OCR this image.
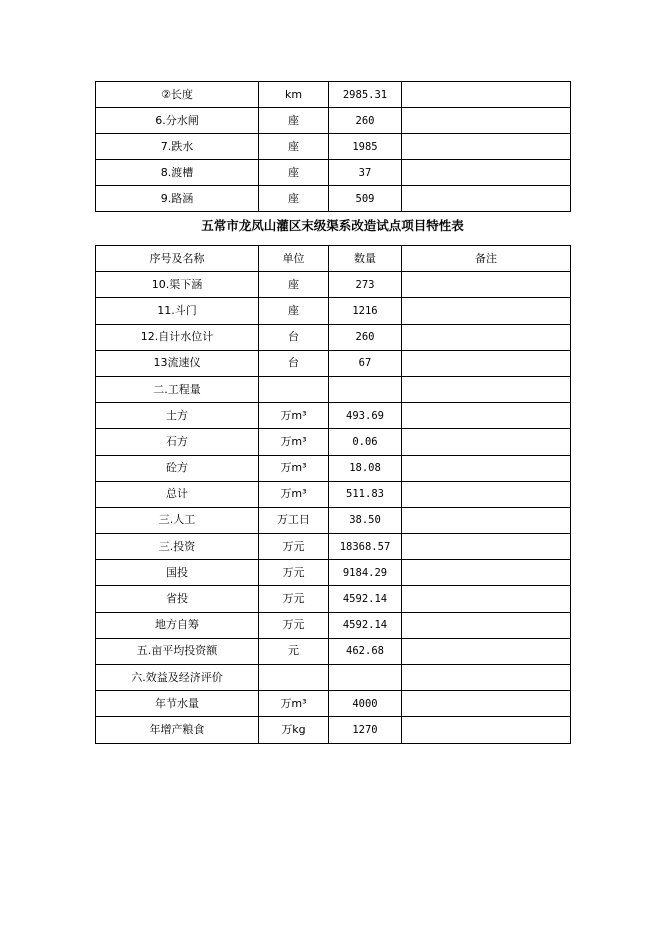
②长度	km	2985.31	
6.分水闸	座	260	
7.跌水	座	1985	
8.渡槽	座	37	
9.路涵	座	509	
五常市龙凤山灌区末级渠系改造试点项目特性表
序号及名称	单位	数量	备注
10.渠下涵	座	273	
11.斗门	座	1216	
12.自计水位计	台	260	
13流速仪	台	67	
二.工程量			
土方	万m³	493.69	
石方	万m³	0.06	
砼方	万m³	18.08	
总计	万m³	511.83	
三.人工	万工日	38.50	
三.投资	万元	18368.57	
国投	万元	9184.29	
省投	万元	4592.14	
地方自筹	万元	4592.14	
五.亩平均投资额	元	462.68	
六.效益及经济评价			
年节水量	万m³	4000	
年增产粮食	万kg	1270	
